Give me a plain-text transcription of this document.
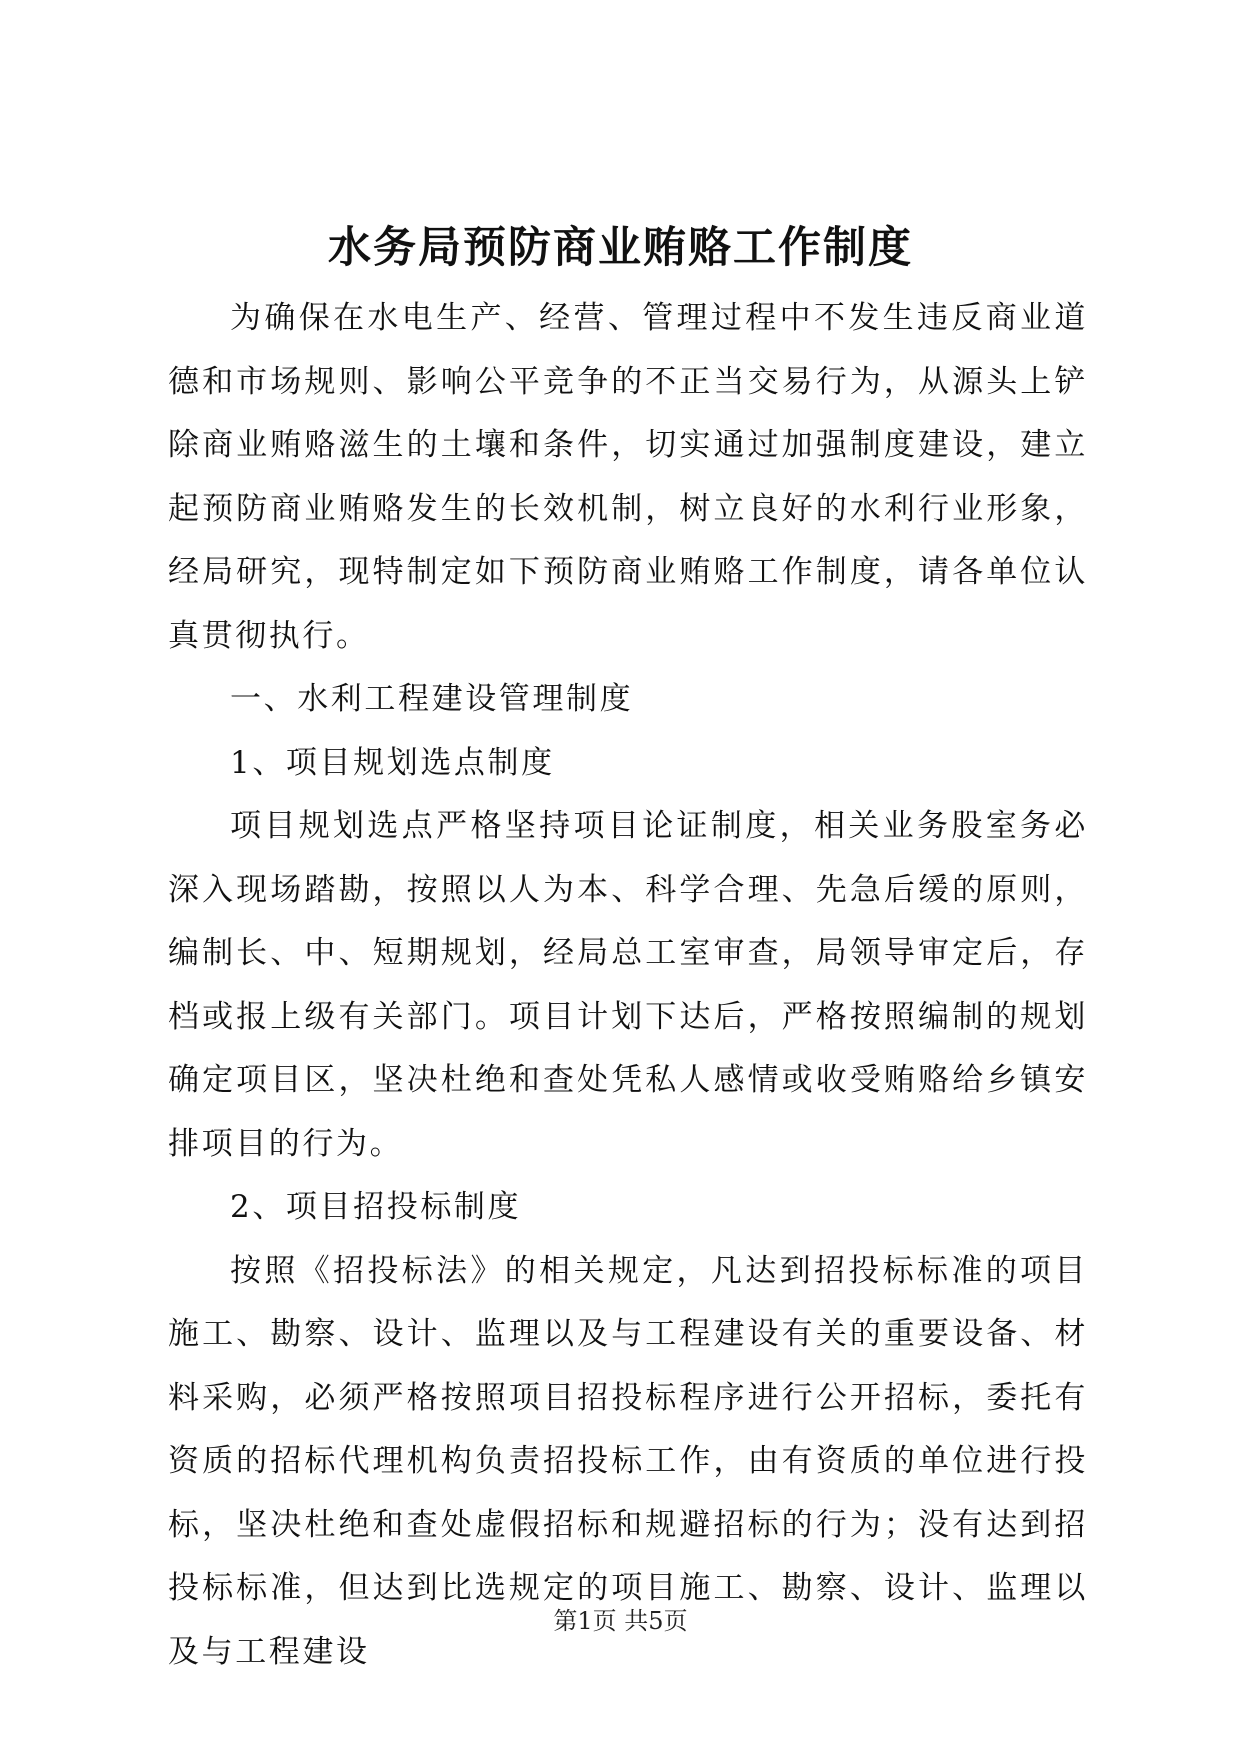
水务局预防商业贿赂工作制度

为确保在水电生产、经营、管理过程中不发生违反商业道德和市场规则、影响公平竞争的不正当交易行为，从源头上铲除商业贿赂滋生的土壤和条件，切实通过加强制度建设，建立起预防商业贿赂发生的长效机制，树立良好的水利行业形象，经局研究，现特制定如下预防商业贿赂工作制度，请各单位认真贯彻执行。

一、水利工程建设管理制度

1、项目规划选点制度

项目规划选点严格坚持项目论证制度，相关业务股室务必深入现场踏勘，按照以人为本、科学合理、先急后缓的原则，编制长、中、短期规划，经局总工室审查，局领导审定后，存档或报上级有关部门。项目计划下达后，严格按照编制的规划确定项目区，坚决杜绝和查处凭私人感情或收受贿赂给乡镇安排项目的行为。

2、项目招投标制度

按照《招投标法》的相关规定，凡达到招投标标准的项目施工、勘察、设计、监理以及与工程建设有关的重要设备、材料采购，必须严格按照项目招投标程序进行公开招标，委托有资质的招标代理机构负责招投标工作，由有资质的单位进行投标，坚决杜绝和查处虚假招标和规避招标的行为；没有达到招投标标准，但达到比选规定的项目施工、勘察、设计、监理以及与工程建设

第1页 共5页
